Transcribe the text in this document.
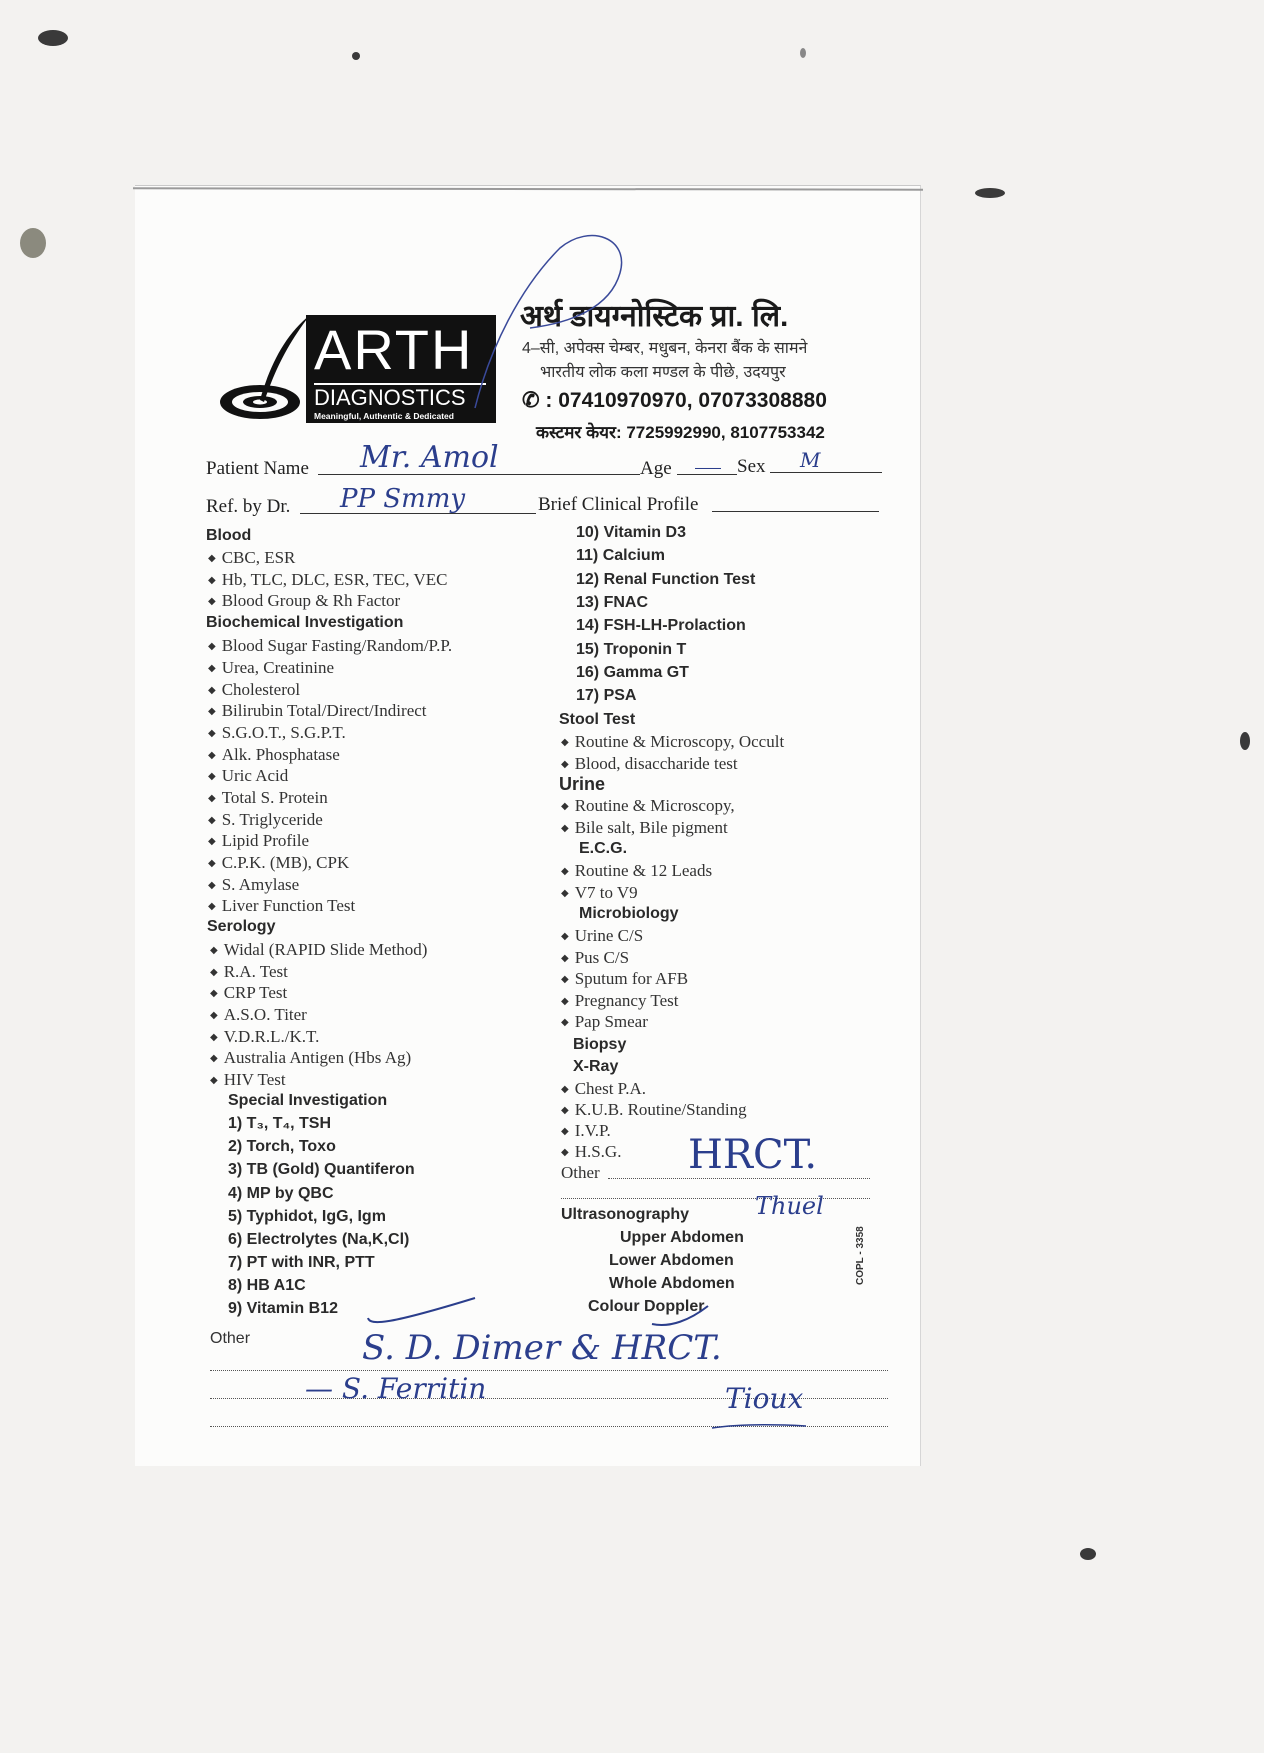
ARTH
DIAGNOSTICS
Meaningful, Authentic & Dedicated
अर्थ डायग्नोस्टिक प्रा. लि.
4–सी, अपेक्स चेम्बर, मधुबन, केनरा बैंक के सामने
भारतीय लोक कला मण्डल के पीछे, उदयपुर
✆ : 07410970970, 07073308880
कस्टमर केयर: 7725992990, 8107753342
Patient Name Mr. Amol	Age __ Sex M
Ref. by Dr. PP Smmy	Brief Clinical Profile
Blood
◆ CBC, ESR
◆ Hb, TLC, DLC, ESR, TEC, VEC
◆ Blood Group & Rh Factor
Biochemical Investigation
◆ Blood Sugar Fasting/Random/P.P.
◆ Urea, Creatinine
◆ Cholesterol
◆ Bilirubin Total/Direct/Indirect
◆ S.G.O.T., S.G.P.T.
◆ Alk. Phosphatase
◆ Uric Acid
◆ Total S. Protein
◆ S. Triglyceride
◆ Lipid Profile
◆ C.P.K. (MB), CPK
◆ S. Amylase
◆ Liver Function Test
Serology
◆ Widal (RAPID Slide Method)
◆ R.A. Test
◆ CRP Test
◆ A.S.O. Titer
◆ V.D.R.L./K.T.
◆ Australia Antigen (Hbs Ag)
◆ HIV Test
Special Investigation
1) T₃, T₄, TSH
2) Torch, Toxo
3) TB (Gold) Quantiferon
4) MP by QBC
5) Typhidot, IgG, Igm
6) Electrolytes (Na,K,Cl)
7) PT with INR, PTT
8) HB A1C
9) Vitamin B12
Other
10) Vitamin D3
11) Calcium
12) Renal Function Test
13) FNAC
14) FSH-LH-Prolaction
15) Troponin T
16) Gamma GT
17) PSA
Stool Test
◆ Routine & Microscopy, Occult
◆ Blood, disaccharide test
Urine
◆ Routine & Microscopy,
◆ Bile salt, Bile pigment
E.C.G.
◆ Routine & 12 Leads
◆ V7 to V9
Microbiology
◆ Urine C/S
◆ Pus C/S
◆ Sputum for AFB
◆ Pregnancy Test
◆ Pap Smear
Biopsy
X-Ray
◆ Chest P.A.
◆ K.U.B. Routine/Standing
◆ I.V.P.
◆ H.S.G.
Other HRCT.
Ultrasonography	Thuel
Upper Abdomen
Lower Abdomen
Whole Abdomen
Colour Doppler
S. D. Dimer & HRCT.
— S. Ferritin	Tioux
COPL - 3358
